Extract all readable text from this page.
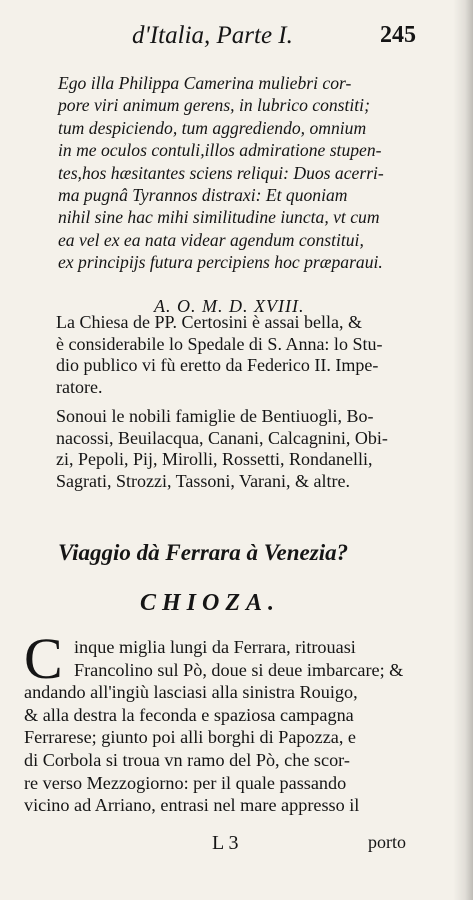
d'Italia, Parte I.	245
Ego illa Philippa Camerina muliebri cor-
pore viri animum gerens, in lubrico constiti;
tum despiciendo, tum aggrediendo, omnium
in me oculos contuli,illos admiratione stupen-
tes,hos hæsitantes sciens reliqui: Duos acerri-
ma pugnâ Tyrannos distraxi: Et quoniam
nihil sine hac mihi similitudine iuncta, vt cum
ea vel ex ea nata videar agendum constitui,
ex principijs futura percipiens hoc præparaui.
A. O. M. D. XVIII.
La Chiesa de PP. Certosini è assai bella, &
è considerabile lo Spedale di S. Anna: lo Stu-
dio publico vi fù eretto da Federico II. Impe-
ratore.
Sonoui le nobili famiglie de Bentiuogli, Bo-
nacossi, Beuilacqua, Canani, Calcagnini, Obi-
zi, Pepoli, Pij, Mirolli, Rossetti, Rondanelli,
Sagrati, Strozzi, Tassoni, Varani, & altre.
Viaggio dà Ferrara à Venezia?
CHIOZA.
C inque miglia lungi da Ferrara, ritrouasi
Francolino sul Pò, doue si deue imbarcare; &
andando all'ingiù lasciasi alla sinistra Rouigo,
& alla destra la feconda e spaziosa campagna
Ferrarese; giunto poi alli borghi di Papozza, e
di Corbola si troua vn ramo del Pò, che scor-
re verso Mezzogiorno: per il quale passando
vicino ad Arriano, entrasi nel mare appresso il
L 3	porto
